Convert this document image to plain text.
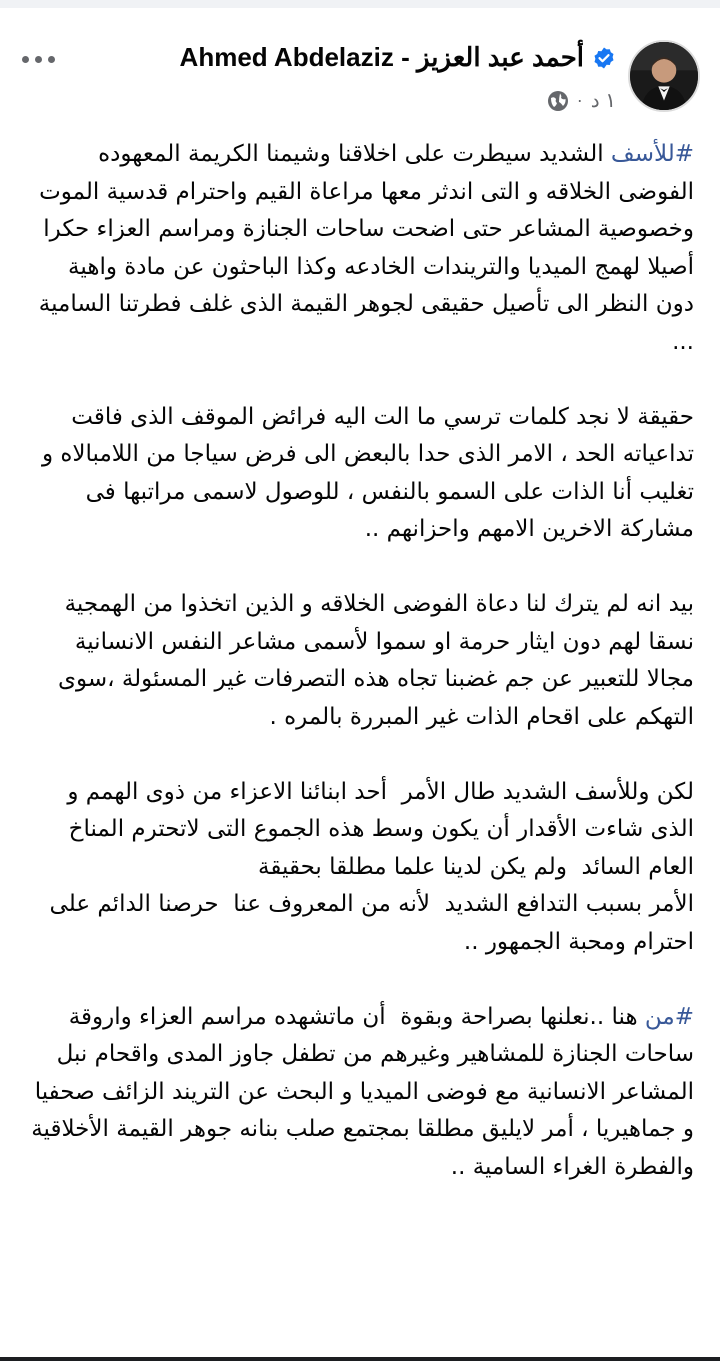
أحمد عبد العزيز - Ahmed Abdelaziz
١ د
·

#للأسف الشديد سيطرت على اخلاقنا وشيمنا الكريمة المعهوده الفوضى الخلاقه و التى اندثر معها مراعاة القيم واحترام قدسية الموت وخصوصية المشاعر حتى اضحت ساحات الجنازة ومراسم العزاء حكرا أصيلا لهمج الميديا والتريندات الخادعه وكذا الباحثون عن مادة واهية دون النظر الى تأصيل حقيقى لجوهر القيمة الذى غلف فطرتنا السامية ...

حقيقة لا نجد كلمات ترسي ما الت اليه فرائض الموقف الذى فاقت تداعياته الحد ، الامر الذى حدا بالبعض الى فرض سياجا من اللامبالاه و تغليب أنا الذات على السمو بالنفس ، للوصول لاسمى مراتبها فى مشاركة الاخرين الامهم واحزانهم ..

بيد انه لم يترك لنا دعاة الفوضى الخلاقه و الذين اتخذوا من الهمجية نسقا لهم دون ايثار حرمة او سموا لأسمى مشاعر النفس الانسانية مجالا للتعبير عن جم غضبنا تجاه هذه التصرفات غير المسئولة ،سوى التهكم على اقحام الذات غير المبررة بالمره .

لكن وللأسف الشديد طال الأمر  أحد ابنائنا الاعزاء من ذوى الهمم و الذى شاءت الأقدار أن يكون وسط هذه الجموع التى لاتحترم المناخ العام السائد  ولم يكن لدينا علما مطلقا بحقيقة
الأمر بسبب التدافع الشديد  لأنه من المعروف عنا  حرصنا الدائم على احترام ومحبة الجمهور ..

#من هنا ..نعلنها بصراحة وبقوة  أن ماتشهده مراسم العزاء واروقة ساحات الجنازة للمشاهير وغيرهم من تطفل جاوز المدى واقحام نبل المشاعر الانسانية مع فوضى الميديا و البحث عن التريند الزائف صحفيا و جماهيريا ، أمر لايليق مطلقا بمجتمع صلب بنانه جوهر القيمة الأخلاقية والفطرة الغراء السامية ..
